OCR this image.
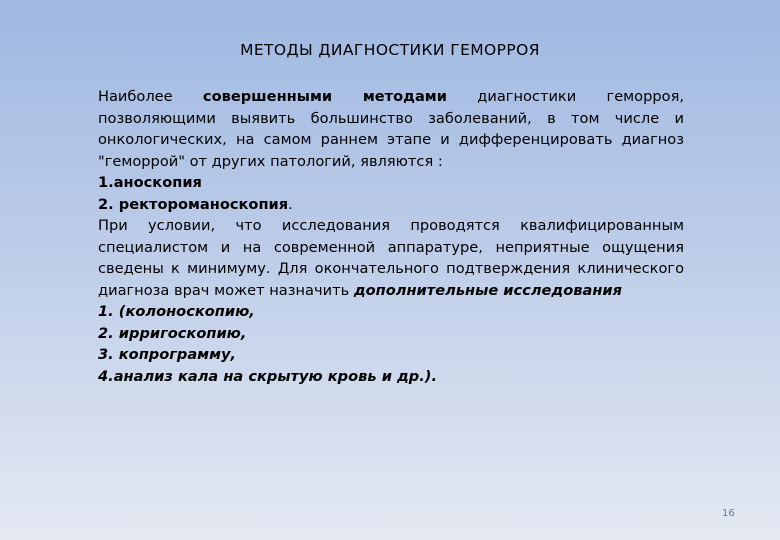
МЕТОДЫ ДИАГНОСТИКИ ГЕМОРРОЯ

Наиболее совершенными методами диагностики геморроя, позволяющими выявить большинство заболеваний, в том числе и онкологических, на самом раннем этапе и дифференцировать диагноз "геморрой" от других патологий, являются :

1.аноскопия

2. ректороманоскопия.

При условии, что исследования проводятся квалифицированным специалистом и на современной аппаратуре, неприятные ощущения сведены к минимуму. Для окончательного подтверждения клинического диагноза врач может назначить дополнительные исследования

1. (колоноскопию,

2. ирригоскопию,

3. копрограмму,

4.анализ кала на скрытую кровь и др.).

16
